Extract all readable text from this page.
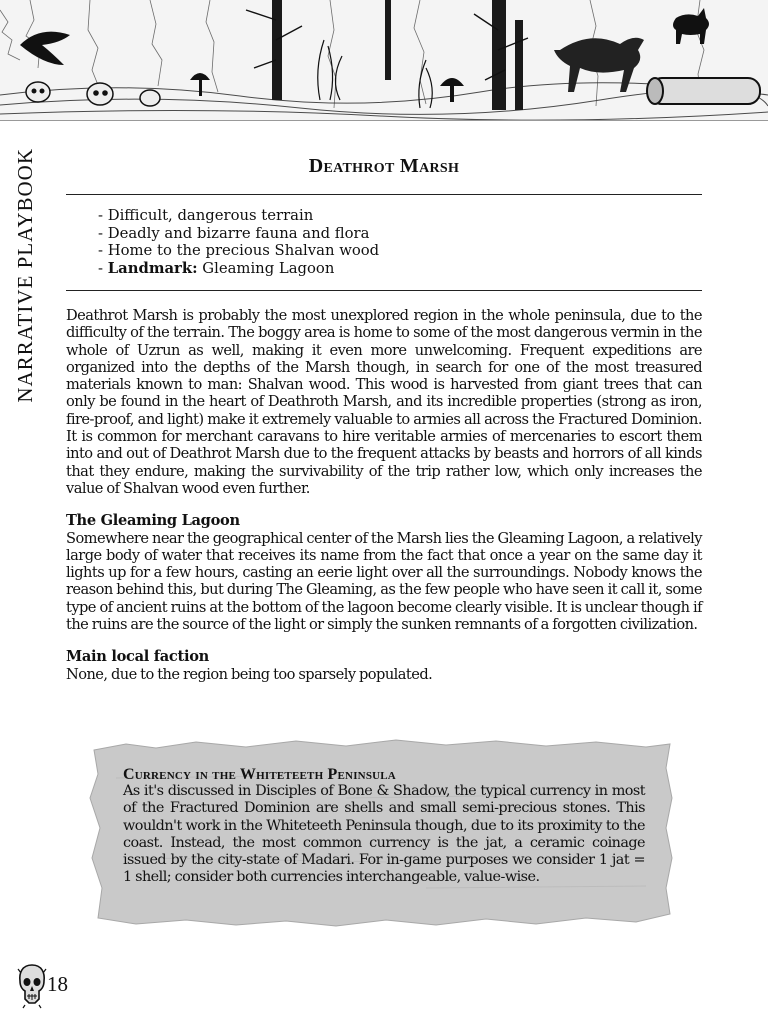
NARRATIVE PLAYBOOK	Deathrot Marsh
- Difficult, dangerous terrain
- Deadly and bizarre fauna and flora
- Home to the precious Shalvan wood
- Landmark: Gleaming Lagoon

Deathrot Marsh is probably the most unexplored region in the whole peninsula, due to the difficulty of the terrain. The boggy area is home to some of the most dangerous vermin in the whole of Uzrun as well, making it even more unwelcoming. Frequent expeditions are organized into the depths of the Marsh though, in search for one of the most treasured materials known to man: Shalvan wood. This wood is harvested from giant trees that can only be found in the heart of Deathroth Marsh, and its incredible properties (strong as iron, fire-proof, and light) make it extremely valuable to armies all across the Fractured Dominion. It is common for merchant caravans to hire veritable armies of mercenaries to escort them into and out of Deathrot Marsh due to the frequent attacks by beasts and horrors of all kinds that they endure, making the survivability of the trip rather low, which only increases the value of Shalvan wood even further.

The Gleaming Lagoon

Somewhere near the geographical center of the Marsh lies the Gleaming Lagoon, a relatively large body of water that receives its name from the fact that once a year on the same day it lights up for a few hours, casting an eerie light over all the surroundings. Nobody knows the reason behind this, but during The Gleaming, as the few people who have seen it call it, some type of ancient ruins at the bottom of the lagoon become clearly visible. It is unclear though if the ruins are the source of the light or simply the sunken remnants of a forgotten civilization.

Main local faction

None, due to the region being too sparsely populated.

Currency in the Whiteteeth Peninsula

As it's discussed in Disciples of Bone & Shadow, the typical currency in most of the Fractured Dominion are shells and small semi-precious stones. This wouldn't work in the Whiteteeth Peninsula though, due to its proximity to the coast. Instead, the most common currency is the jat, a ceramic coinage issued by the city-state of Madari. For in-game purposes we consider 1 jat = 1 shell; consider both currencies interchangeable, value-wise.

18
